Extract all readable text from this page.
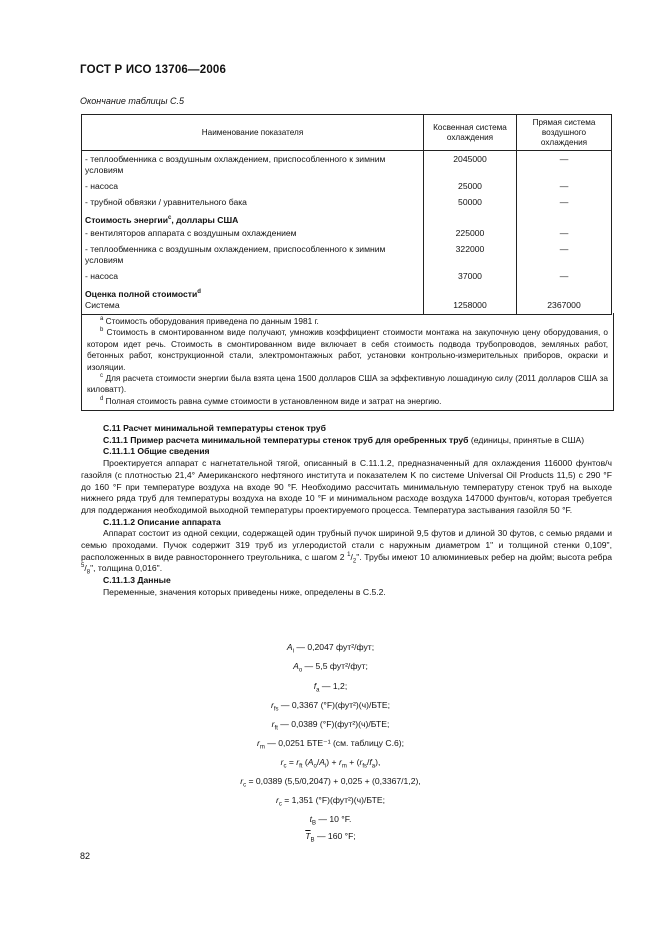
ГОСТ Р ИСО 13706—2006
Окончание таблицы С.5
Наименование показателя	Косвенная система охлаждения	Прямая система воздушного охлаждения
- теплообменника с воздушным охлаждением, приспособленного к зимним условиям	2045000	—
- насоса	25000	—
- трубной обвязки / уравнительного бака	50000	—
Стоимость энергии$^c$, доллары США		
- вентиляторов аппарата с воздушным охлаждением	225000	—
- теплообменника с воздушным охлаждением, приспособленного к зимним условиям	322000	—
- насоса	37000	—
Оценка полной стоимости$^d$		
Система	1258000	2367000

$^a$ Стоимость оборудования приведена по данным 1981 г.

$^b$ Стоимость в смонтированном виде получают, умножив коэффициент стоимости монтажа на закупочную цену оборудования, о котором идет речь. Стоимость в смонтированном виде включает в себя стоимость подвода трубопроводов, земляных работ, бетонных работ, конструкционной стали, электромонтажных работ, установки контрольно-измерительных приборов, окраски и изоляции.

$^c$ Для расчета стоимости энергии была взята цена 1500 долларов США за эффективную лошадиную силу (2011 долларов США за киловатт).

$^d$ Полная стоимость равна сумме стоимости в установленном виде и затрат на энергию.

С.11 Расчет минимальной температуры стенок труб

С.11.1 Пример расчета минимальной температуры стенок труб для оребренных труб (единицы, принятые в США)

С.11.1.1 Общие сведения

Проектируется аппарат с нагнетательной тягой, описанный в С.11.1.2, предназначенный для охлаждения 116000 фунтов/ч газойля (с плотностью 21,4° Американского нефтяного института и показателем K по системе Universal Oil Products 11,5) с 290 °F до 160 °F при температуре воздуха на входе 90 °F. Необходимо рассчитать минимальную температуру стенок труб на выходе нижнего ряда труб для температуры воздуха на входе 10 °F и минимальном расходе воздуха 147000 фунтов/ч, которая требуется для поддержания необходимой выходной температуры проектируемого процесса. Температура застывания газойля 50 °F.

С.11.1.2 Описание аппарата

Аппарат состоит из одной секции, содержащей один трубный пучок шириной 9,5 футов и длиной 30 футов, с семью рядами и семью проходами. Пучок содержит 319 труб из углеродистой стали с наружным диаметром 1" и толщиной стенки 0,109", расположенных в виде равностороннего треугольника, с шагом 2 $^1/_2$". Трубы имеют 10 алюминиевых ребер на дюйм; высота ребра $^5/_8$", толщина 0,016".

С.11.1.3 Данные

Переменные, значения которых приведены ниже, определены в С.5.2.

$A_i$ — 0,2047 фут²/фут;
$A_o$ — 5,5 фут²/фут;
$f_a$ — 1,2;
$r_{fs}$ — 0,3367 (°F)(фут²)(ч)/БТЕ;
$r_{ft}$ — 0,0389 (°F)(фут²)(ч)/БТЕ;
$r_m$ — 0,0251 БТЕ⁻¹ (см. таблицу С.6);
$r_c = r_{ft}$ $(A_o/A_i) + r_m + (r_{fs}/f_a)$,
$r_c = 0,0389$ (5,5/0,2047) + 0,025 + (0,3367/1,2),
$r_c = 1,351$ (°F)(фут²)(ч)/БТЕ;
$t_B$ — 10 °F.
$\overline{T}_B$ — 160 °F;
82
